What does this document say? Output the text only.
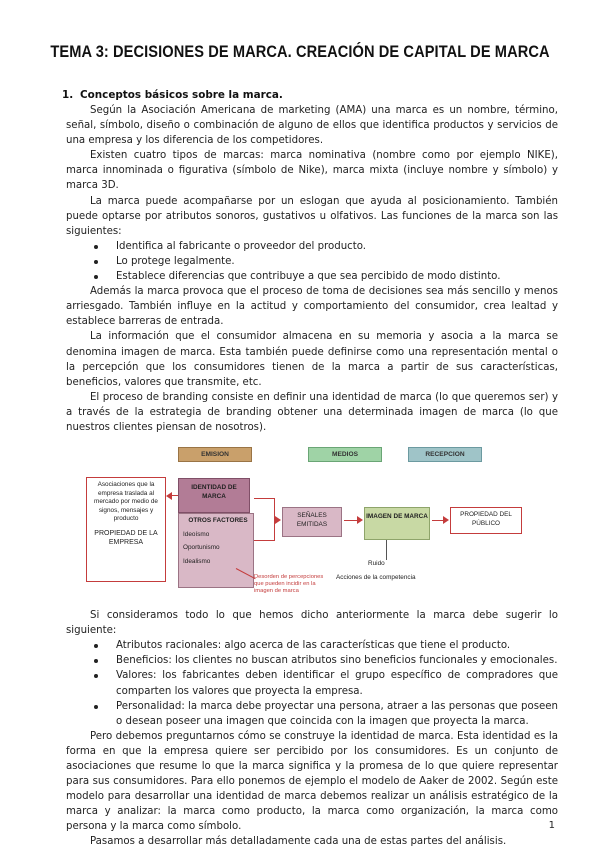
TEMA 3: DECISIONES DE MARCA. CREACIÓN DE CAPITAL DE MARCA
1. Conceptos básicos sobre la marca.

Según la Asociación Americana de marketing (AMA) una marca es un nombre, término, señal, símbolo, diseño o combinación de alguno de ellos que identifica productos y servicios de una empresa y los diferencia de los competidores.

Existen cuatro tipos de marcas: marca nominativa (nombre como por ejemplo NIKE), marca innominada o figurativa (símbolo de Nike), marca mixta (incluye nombre y símbolo) y marca 3D.

La marca puede acompañarse por un eslogan que ayuda al posicionamiento. También puede optarse por atributos sonoros, gustativos u olfativos. Las funciones de la marca son las siguientes:

Identifica al fabricante o proveedor del producto.
Lo protege legalmente.
Establece diferencias que contribuye a que sea percibido de modo distinto.

Además la marca provoca que el proceso de toma de decisiones sea más sencillo y menos arriesgado. También influye en la actitud y comportamiento del consumidor, crea lealtad y establece barreras de entrada.

La información que el consumidor almacena en su memoria y asocia a la marca se denomina imagen de marca. Esta también puede definirse como una representación mental o la percepción que los consumidores tienen de la marca a partir de sus características, beneficios, valores que transmite, etc.

El proceso de branding consiste en definir una identidad de marca (lo que queremos ser) y a través de la estrategia de branding obtener una determinada imagen de marca (lo que nuestros clientes piensan de nosotros).

EMISION	MEDIOS	RECEPCION
Asociaciones que la empresa traslada al mercado por medio de signos, mensajes y producto
PROPIEDAD DE LA EMPRESA
IDENTIDAD DE MARCA
OTROS FACTORES
Ideoísmo
Oportunismo
Idealismo
SEÑALES EMITIDAS
IMAGEN DE MARCA	PROPIEDAD DEL PÚBLICO
Ruido
Acciones de la competencia
Desorden de percepciones que pueden incidir en la imagen de marca

Si consideramos todo lo que hemos dicho anteriormente la marca debe sugerir lo siguiente:

Atributos racionales: algo acerca de las características que tiene el producto.
Beneficios: los clientes no buscan atributos sino beneficios funcionales y emocionales.
Valores: los fabricantes deben identificar el grupo específico de compradores que comparten los valores que proyecta la empresa.
Personalidad: la marca debe proyectar una persona, atraer a las personas que poseen o desean poseer una imagen que coincida con la imagen que proyecta la marca.

Pero debemos preguntarnos cómo se construye la identidad de marca. Esta identidad es la forma en que la empresa quiere ser percibido por los consumidores. Es un conjunto de asociaciones que resume lo que la marca significa y la promesa de lo que quiere representar para sus consumidores. Para ello ponemos de ejemplo el modelo de Aaker de 2002. Según este modelo para desarrollar una identidad de marca debemos realizar un análisis estratégico de la marca y analizar: la marca como producto, la marca como organización, la marca como persona y la marca como símbolo.

Pasamos a desarrollar más detalladamente cada una de estas partes del análisis.

1
